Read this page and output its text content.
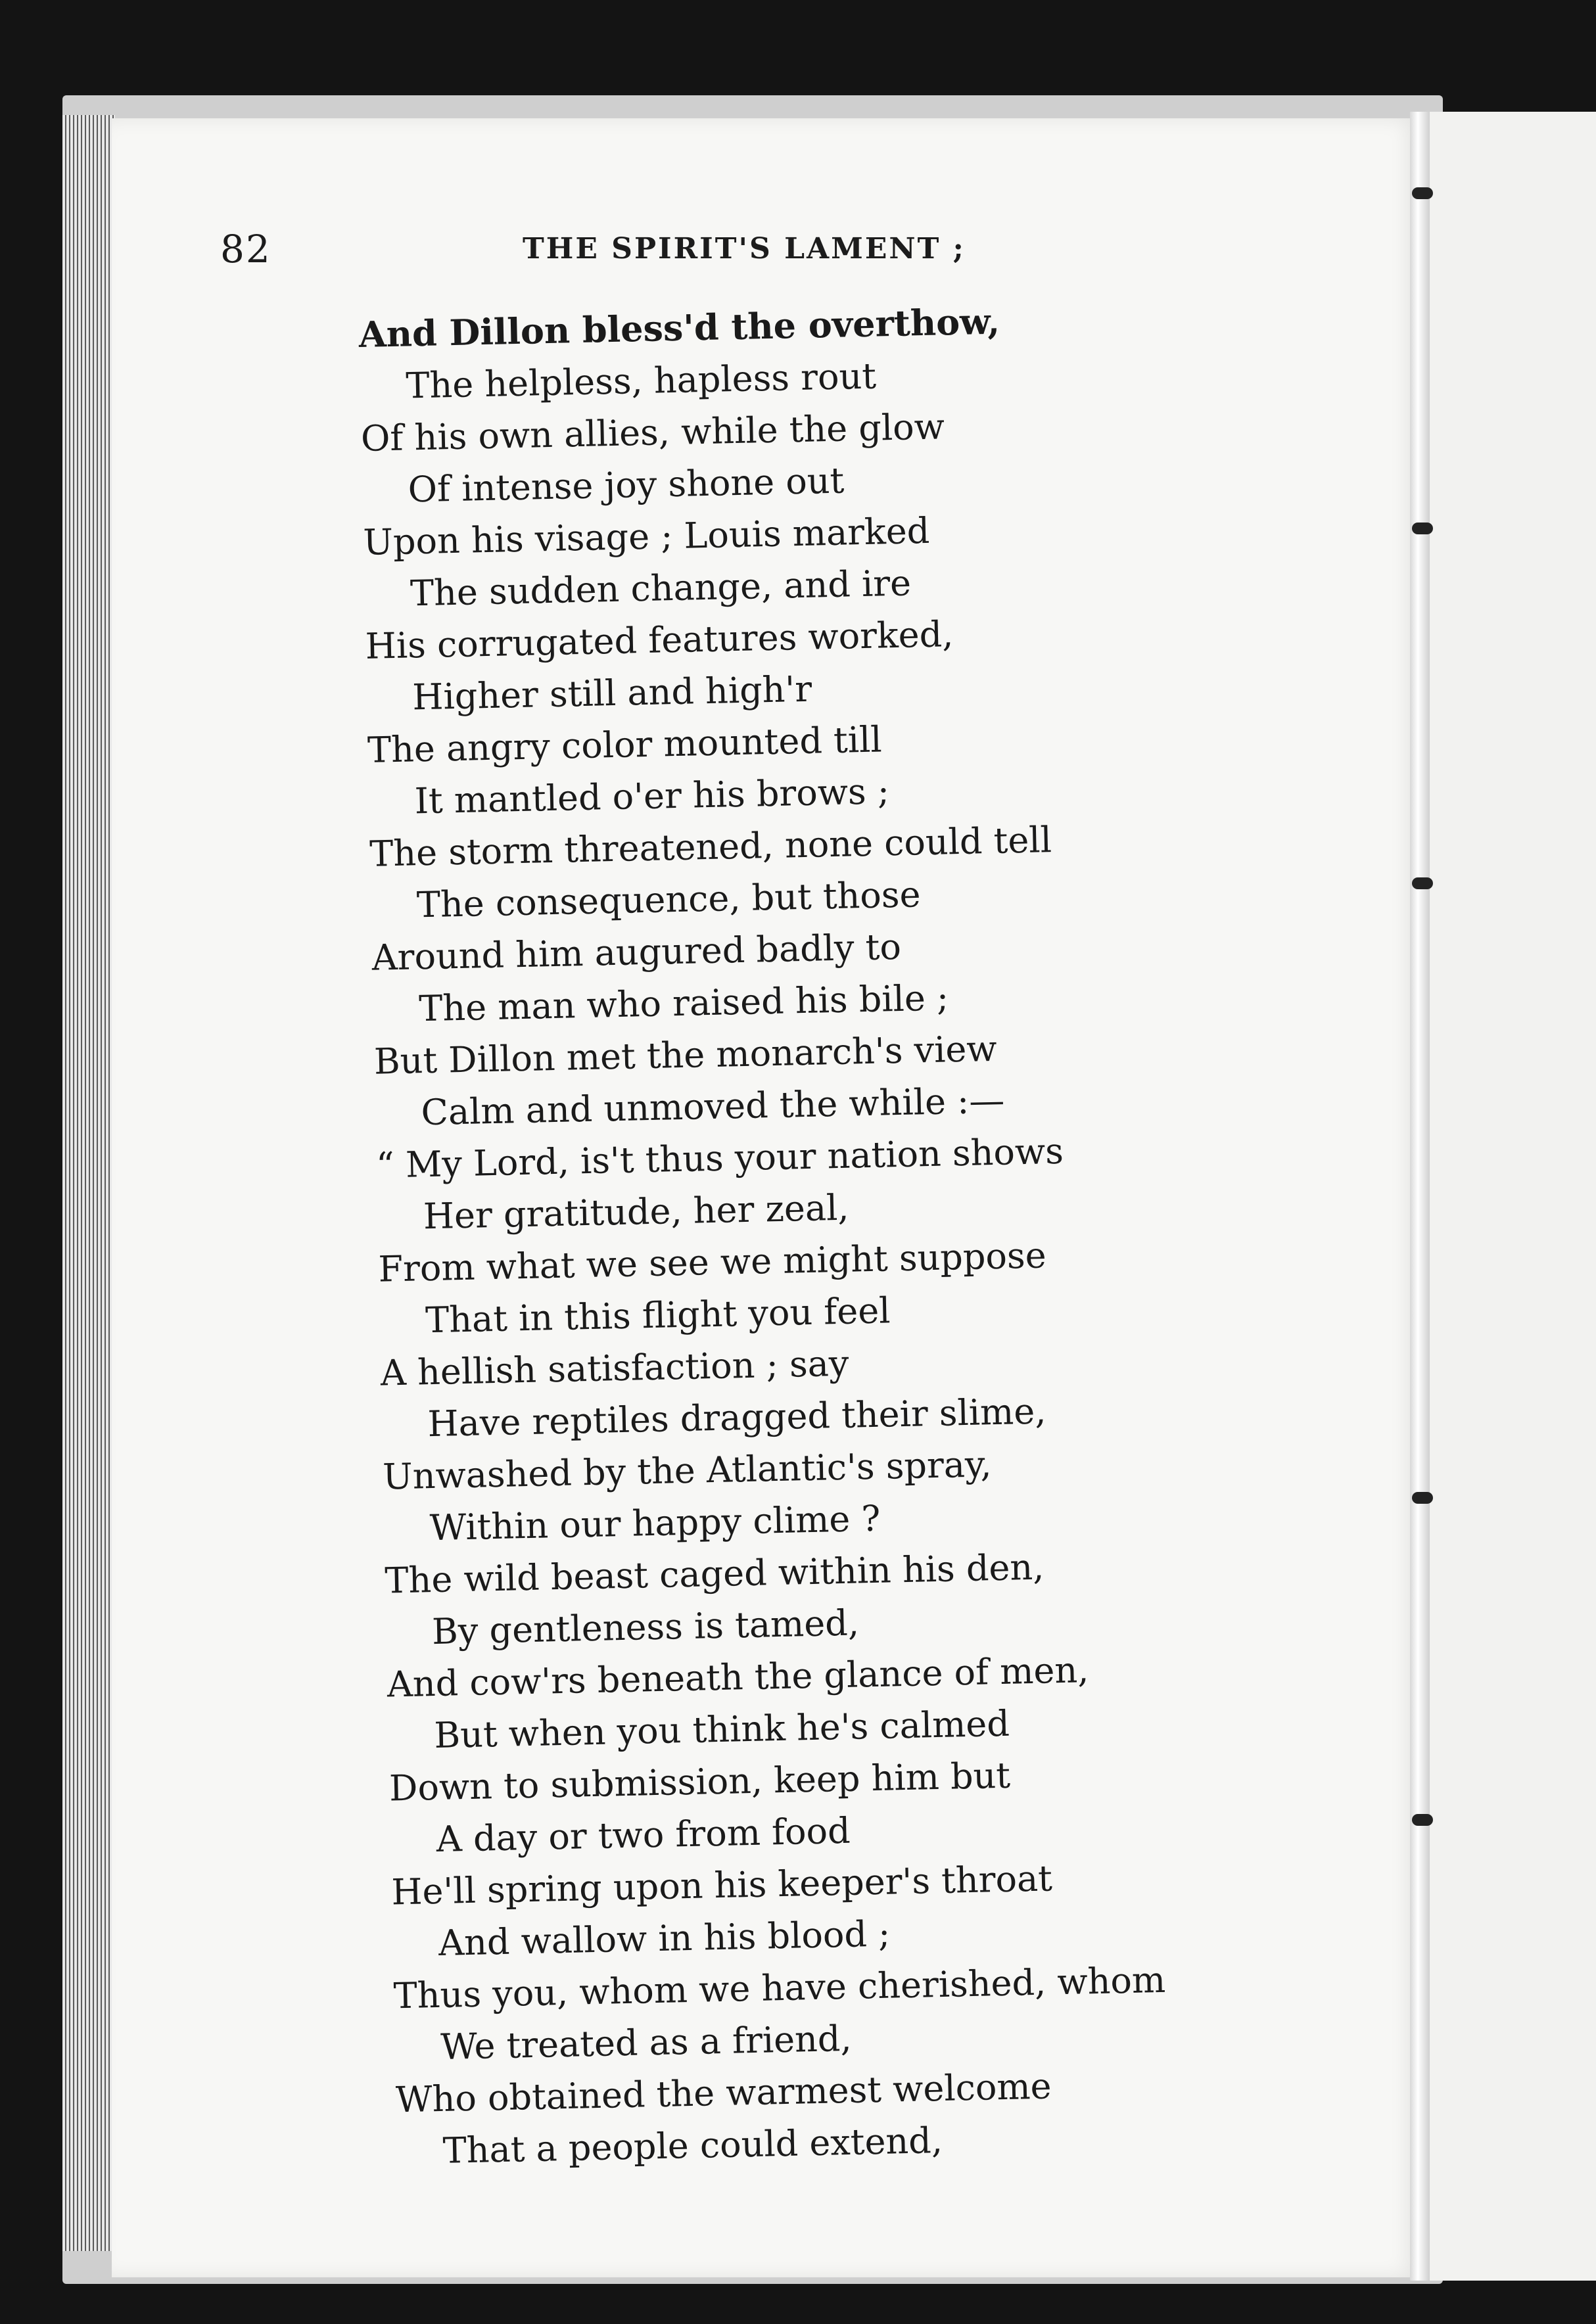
82	THE SPIRIT'S LAMENT ;
And Dillon bless'd the overthow,
The helpless, hapless rout
Of his own allies, while the glow
Of intense joy shone out
Upon his visage ; Louis marked
The sudden change, and ire
His corrugated features worked,
Higher still and high'r
The angry color mounted till
It mantled o'er his brows ;
The storm threatened, none could tell
The consequence, but those
Around him augured badly to
The man who raised his bile ;
But Dillon met the monarch's view
Calm and unmoved the while :—
“ My Lord, is't thus your nation shows
Her gratitude, her zeal,
From what we see we might suppose
That in this flight you feel
A hellish satisfaction ; say
Have reptiles dragged their slime,
Unwashed by the Atlantic's spray,
Within our happy clime ?
The wild beast caged within his den,
By gentleness is tamed,
And cow'rs beneath the glance of men,
But when you think he's calmed
Down to submission, keep him but
A day or two from food
He'll spring upon his keeper's throat
And wallow in his blood ;
Thus you, whom we have cherished, whom
We treated as a friend,
Who obtained the warmest welcome
That a people could extend,
